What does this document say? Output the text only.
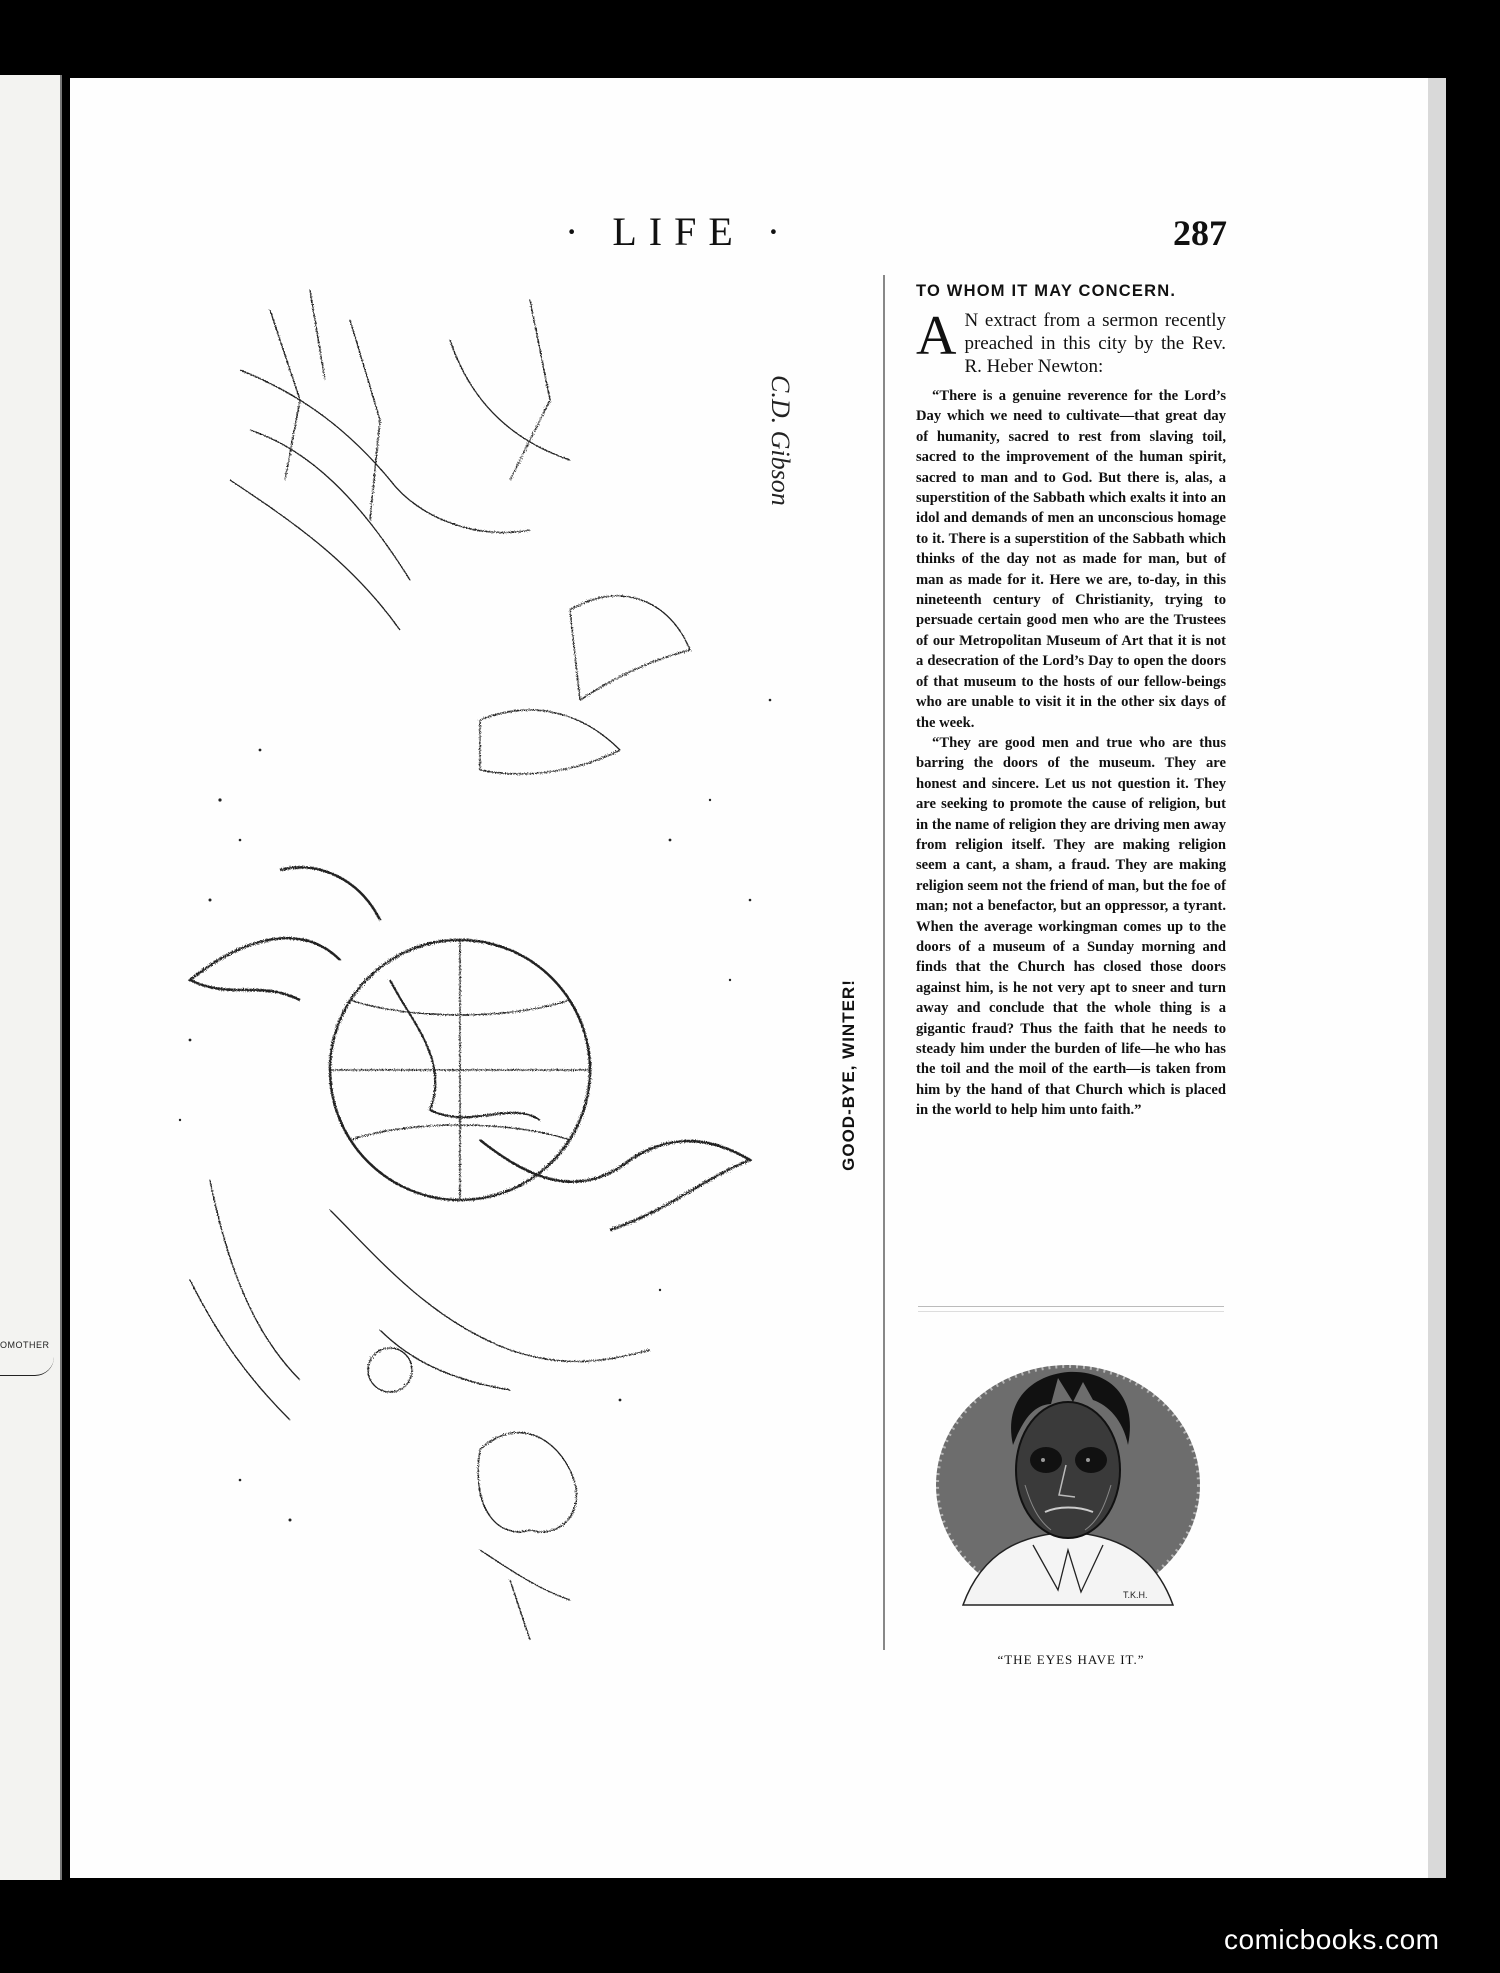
OMOTHER
· LIFE ·	287
C.D. Gibson
GOOD-BYE, WINTER!
TO WHOM IT MAY CONCERN.

A N extract from a sermon recently preached in this city by the Rev. R. Heber Newton:

“There is a genuine reverence for the Lord’s Day which we need to cultivate—that great day of humanity, sacred to rest from slaving toil, sacred to the improvement of the human spirit, sacred to man and to God. But there is, alas, a superstition of the Sabbath which exalts it into an idol and demands of men an unconscious homage to it. There is a superstition of the Sabbath which thinks of the day not as made for man, but of man as made for it. Here we are, to-day, in this nineteenth century of Christianity, trying to persuade certain good men who are the Trustees of our Metropolitan Museum of Art that it is not a desecration of the Lord’s Day to open the doors of that museum to the hosts of our fellow-beings who are unable to visit it in the other six days of the week.

“They are good men and true who are thus barring the doors of the museum. They are honest and sincere. Let us not question it. They are seeking to promote the cause of religion, but in the name of religion they are driving men away from religion itself. They are making religion seem a cant, a sham, a fraud. They are making religion seem not the friend of man, but the foe of man; not a benefactor, but an oppressor, a tyrant. When the average workingman comes up to the doors of a museum of a Sunday morning and finds that the Church has closed those doors against him, is he not very apt to sneer and turn away and conclude that the whole thing is a gigantic fraud? Thus the faith that he needs to steady him under the burden of life—he who has the toil and the moil of the earth—is taken from him by the hand of that Church which is placed in the world to help him unto faith.”

T.K.H.
“THE EYES HAVE IT.”
comicbooks.com
